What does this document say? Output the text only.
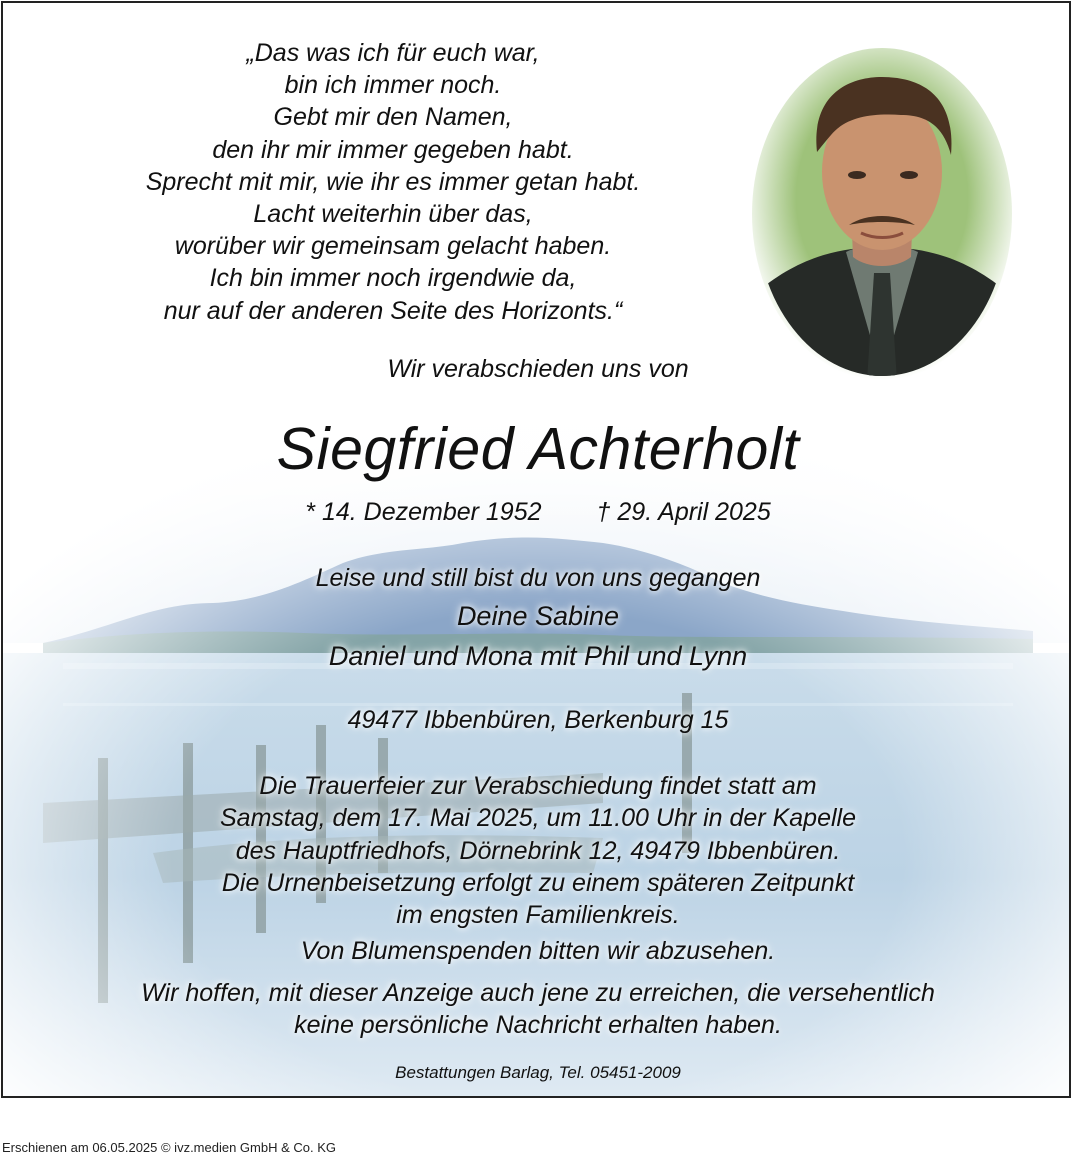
„Das was ich für euch war,
bin ich immer noch.
Gebt mir den Namen,
den ihr mir immer gegeben habt.
Sprecht mit mir, wie ihr es immer getan habt.
Lacht weiterhin über das,
worüber wir gemeinsam gelacht haben.
Ich bin immer noch irgendwie da,
nur auf der anderen Seite des Horizonts.“
Wir verabschieden uns von
Siegfried Achterholt
* 14. Dezember 1952 † 29. April 2025
Leise und still bist du von uns gegangen
Deine Sabine
Daniel und Mona mit Phil und Lynn
49477 Ibbenbüren, Berkenburg 15
Die Trauerfeier zur Verabschiedung findet statt am
Samstag, dem 17. Mai 2025, um 11.00 Uhr in der Kapelle
des Hauptfriedhofs, Dörnebrink 12, 49479 Ibbenbüren.
Die Urnenbeisetzung erfolgt zu einem späteren Zeitpunkt
im engsten Familienkreis.
Von Blumenspenden bitten wir abzusehen.
Wir hoffen, mit dieser Anzeige auch jene zu erreichen, die versehentlich
keine persönliche Nachricht erhalten haben.
Bestattungen Barlag, Tel. 05451-2009
Erschienen am 06.05.2025 © ivz.medien GmbH & Co. KG
